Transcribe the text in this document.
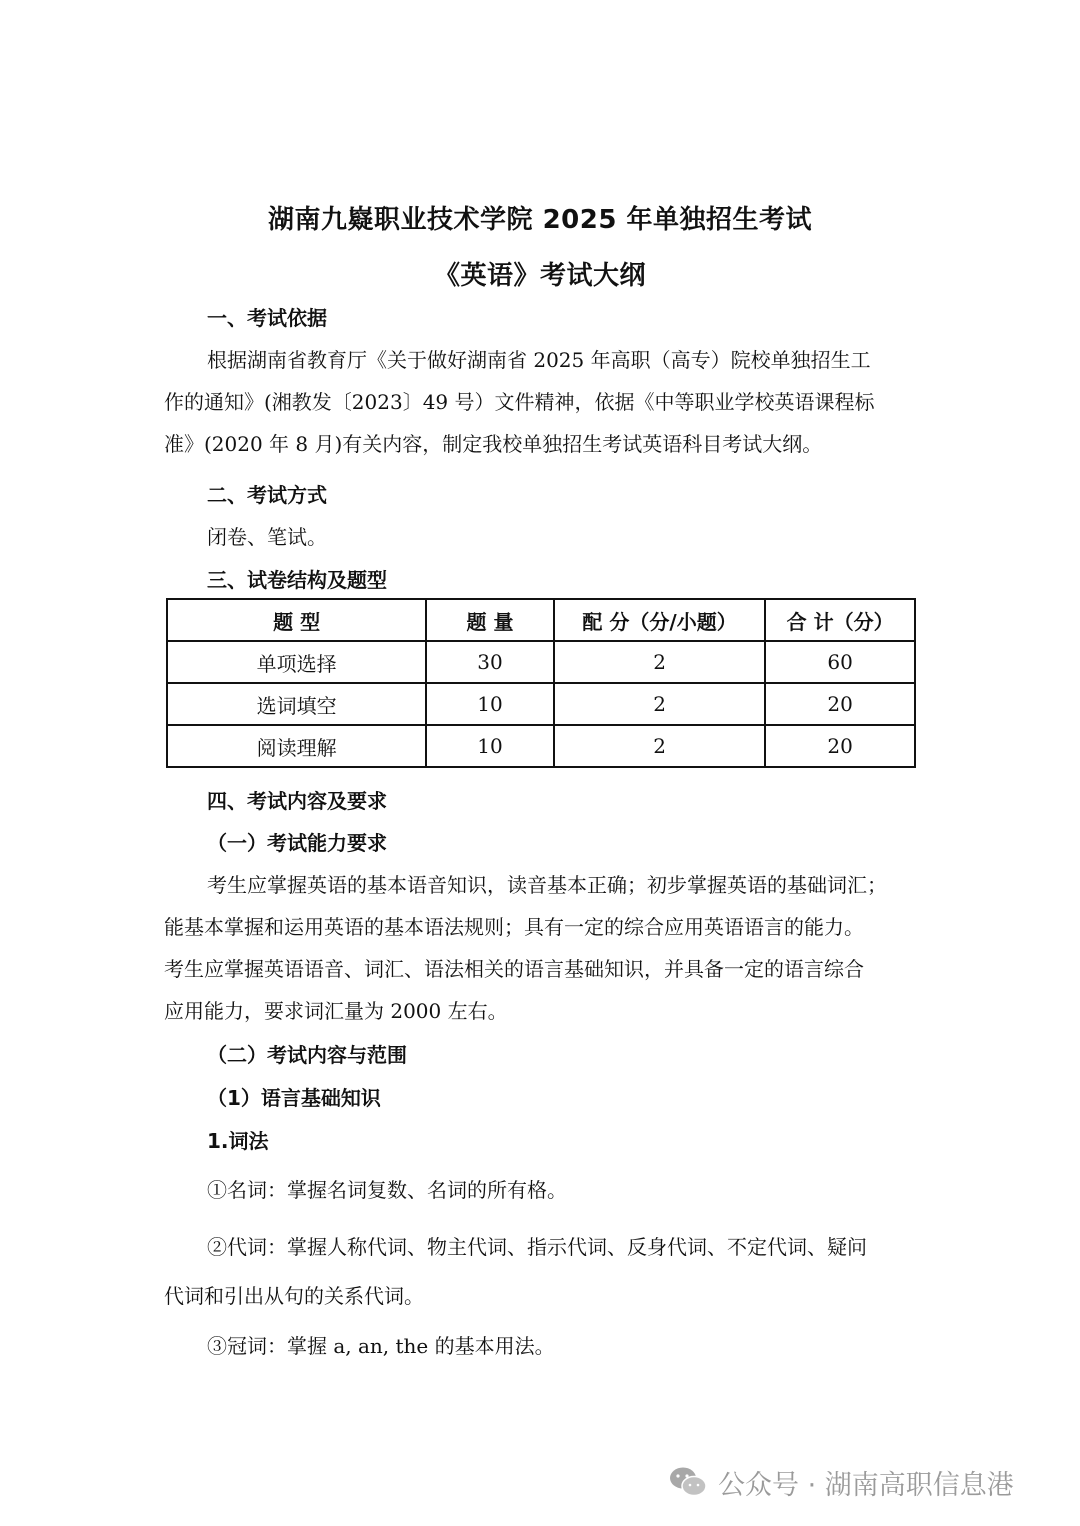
湖南九嶷职业技术学院 2025 年单独招生考试
《英语》考试大纲
一、考试依据
根据湖南省教育厅《关于做好湖南省 2025 年高职（高专）院校单独招生工
作的通知》(湘教发〔2023〕49 号）文件精神，依据《中等职业学校英语课程标
准》(2020 年 8 月)有关内容，制定我校单独招生考试英语科目考试大纲。
二、考试方式
闭卷、笔试。
三、试卷结构及题型
题 型	题 量	配 分（分/小题）	合 计（分）
单项选择	30	2	60
选词填空	10	2	20
阅读理解	10	2	20
四、考试内容及要求
（一）考试能力要求
考生应掌握英语的基本语音知识，读音基本正确；初步掌握英语的基础词汇；
能基本掌握和运用英语的基本语法规则；具有一定的综合应用英语语言的能力。
考生应掌握英语语音、词汇、语法相关的语言基础知识，并具备一定的语言综合
应用能力，要求词汇量为 2000 左右。
（二）考试内容与范围
（1）语言基础知识
1.词法
①名词：掌握名词复数、名词的所有格。
②代词：掌握人称代词、物主代词、指示代词、反身代词、不定代词、疑问
代词和引出从句的关系代词。
③冠词：掌握 a, an, the 的基本用法。
公众号 · 湖南高职信息港
